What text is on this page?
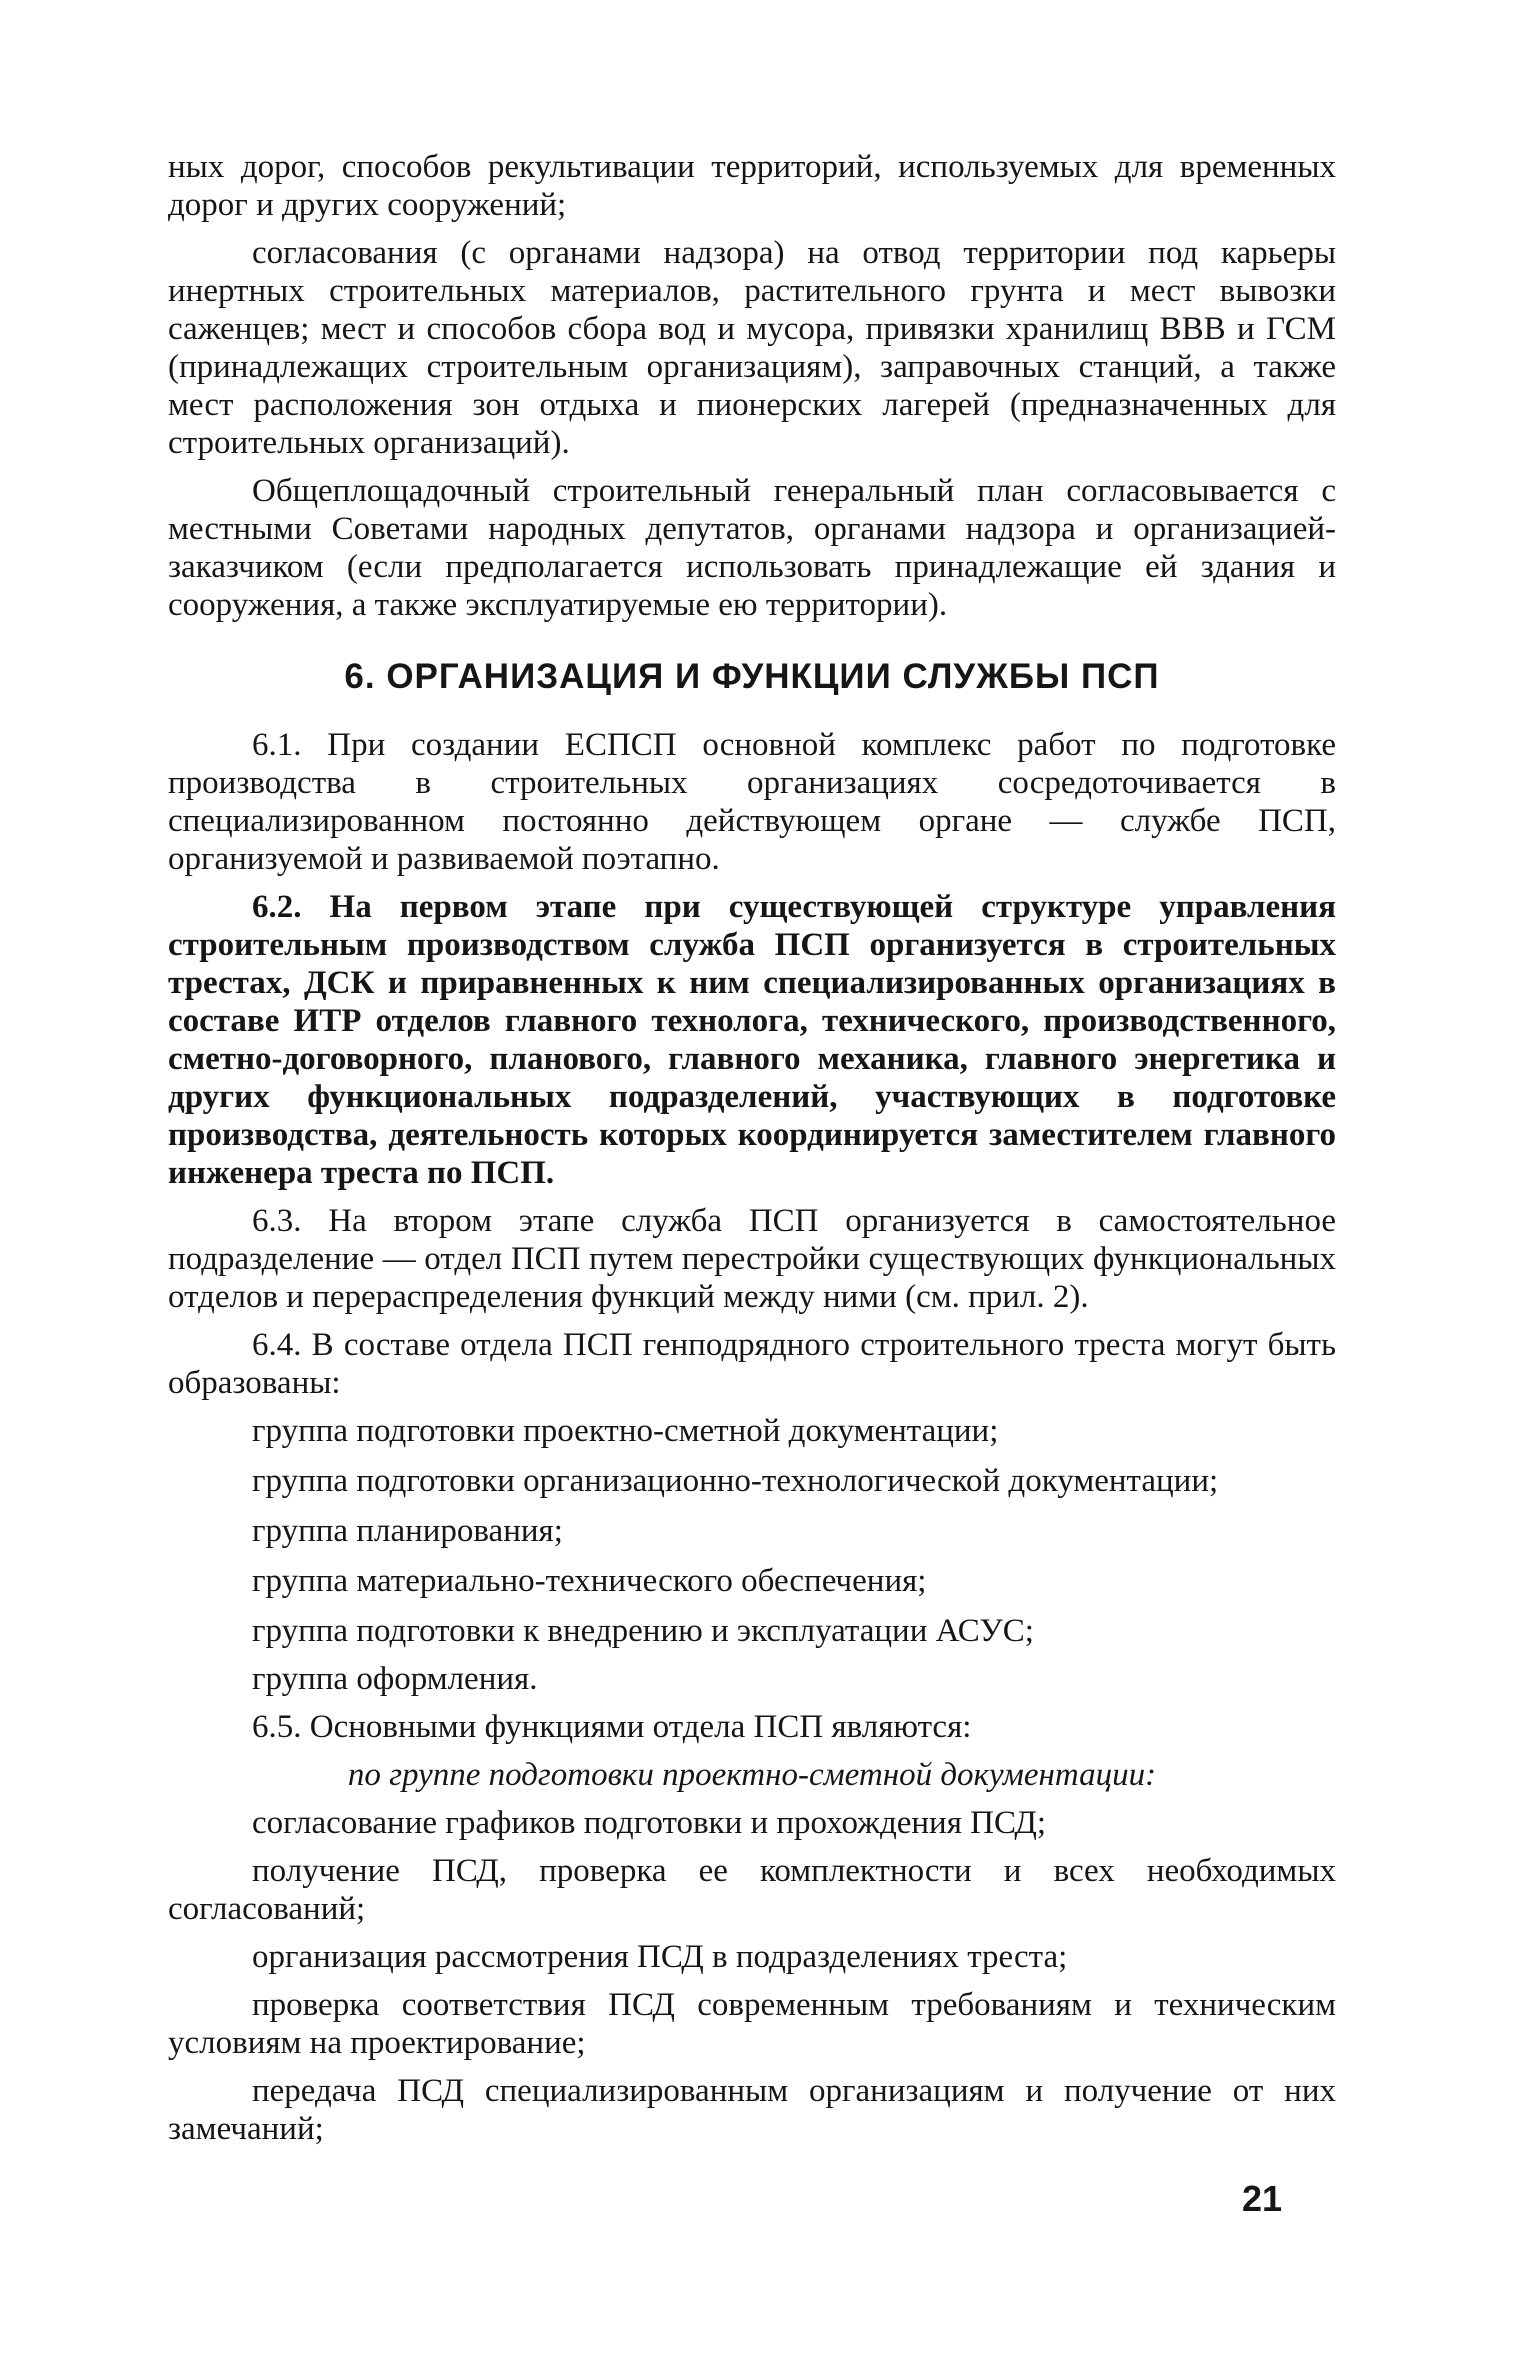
ных дорог, способов рекультивации территорий, используемых для временных дорог и других сооружений;

согласования (с органами надзора) на отвод территории под карьеры инертных строительных материалов, растительного грунта и мест вывозки саженцев; мест и способов сбора вод и мусора, привязки хранилищ ВВВ и ГСМ (принадлежащих строительным организациям), заправочных станций, а также мест расположения зон отдыха и пионерских лагерей (предназначенных для строительных организаций).

Общеплощадочный строительный генеральный план согласовывается с местными Советами народных депутатов, органами надзора и организацией-заказчиком (если предполагается использовать принадлежащие ей здания и сооружения, а также эксплуатируемые ею территории).

6. ОРГАНИЗАЦИЯ И ФУНКЦИИ СЛУЖБЫ ПСП

6.1. При создании ЕСПСП основной комплекс работ по подготовке производства в строительных организациях сосредоточивается в специализированном постоянно действующем органе — службе ПСП, организуемой и развиваемой поэтапно.

6.2. На первом этапе при существующей структуре управления строительным производством служба ПСП организуется в строительных трестах, ДСК и приравненных к ним специализированных организациях в составе ИТР отделов главного технолога, технического, производственного, сметно-договорного, планового, главного механика, главного энергетика и других функциональных подразделений, участвующих в подготовке производства, деятельность которых координируется заместителем главного инженера треста по ПСП.

6.3. На втором этапе служба ПСП организуется в самостоятельное подразделение — отдел ПСП путем перестройки существующих функциональных отделов и перераспределения функций между ними (см. прил. 2).

6.4. В составе отдела ПСП генподрядного строительного треста могут быть образованы:

группа подготовки проектно-сметной документации;

группа подготовки организационно-технологической документации;

группа планирования;

группа материально-технического обеспечения;

группа подготовки к внедрению и эксплуатации АСУС;

группа оформления.

6.5. Основными функциями отдела ПСП являются:

по группе подготовки проектно-сметной документации:

согласование графиков подготовки и прохождения ПСД;

получение ПСД, проверка ее комплектности и всех необходимых согласований;

организация рассмотрения ПСД в подразделениях треста;

проверка соответствия ПСД современным требованиям и техническим условиям на проектирование;

передача ПСД специализированным организациям и получение от них замечаний;

21
